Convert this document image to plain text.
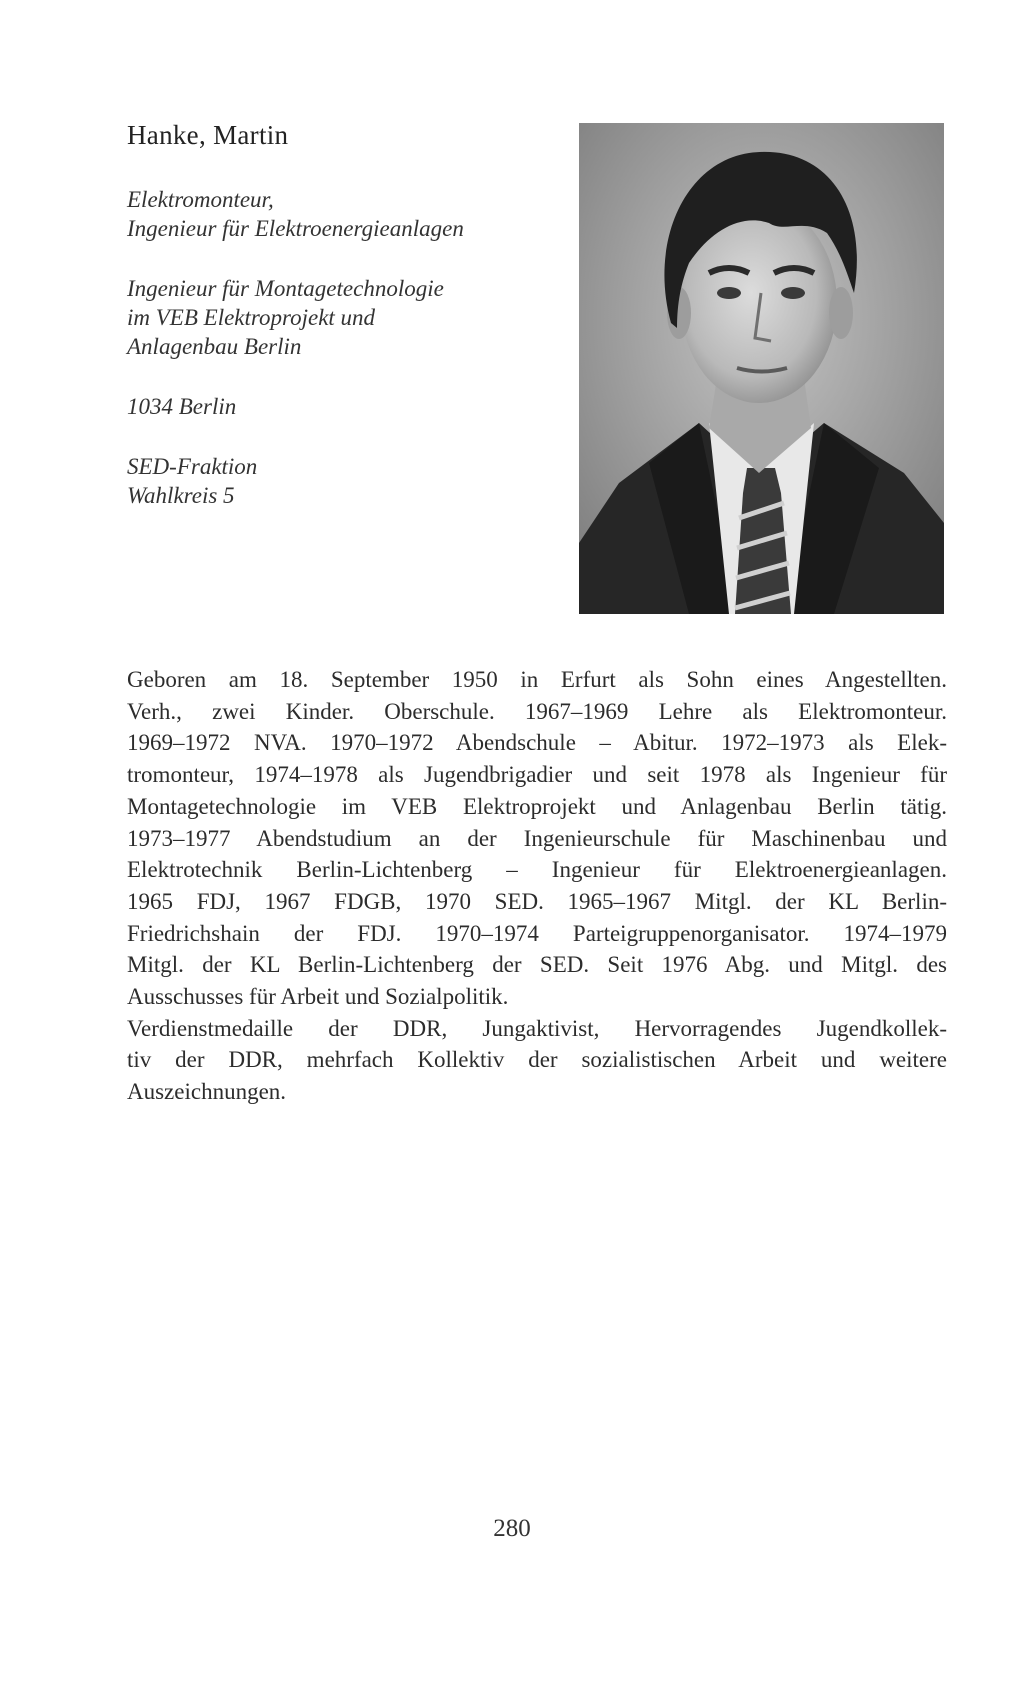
Hanke, Martin
Elektromonteur,
Ingenieur für Elektroenergieanlagen
Ingenieur für Montagetechnologie
im VEB Elektroprojekt und
Anlagenbau Berlin
1034 Berlin
SED-Fraktion
Wahlkreis 5
Geboren am 18. September 1950 in Erfurt als Sohn eines Angestellten.
Verh., zwei Kinder. Oberschule. 1967–1969 Lehre als Elektromonteur.
1969–1972 NVA. 1970–1972 Abendschule – Abitur. 1972–1973 als Elek-
tromonteur, 1974–1978 als Jugendbrigadier und seit 1978 als Ingenieur für
Montagetechnologie im VEB Elektroprojekt und Anlagenbau Berlin tätig.
1973–1977 Abendstudium an der Ingenieurschule für Maschinenbau und
Elektrotechnik Berlin-Lichtenberg – Ingenieur für Elektroenergieanlagen.
1965 FDJ, 1967 FDGB, 1970 SED. 1965–1967 Mitgl. der KL Berlin-
Friedrichshain der FDJ. 1970–1974 Parteigruppenorganisator. 1974–1979
Mitgl. der KL Berlin-Lichtenberg der SED. Seit 1976 Abg. und Mitgl. des
Ausschusses für Arbeit und Sozialpolitik.
Verdienstmedaille der DDR, Jungaktivist, Hervorragendes Jugendkollek-
tiv der DDR, mehrfach Kollektiv der sozialistischen Arbeit und weitere
Auszeichnungen.
280
